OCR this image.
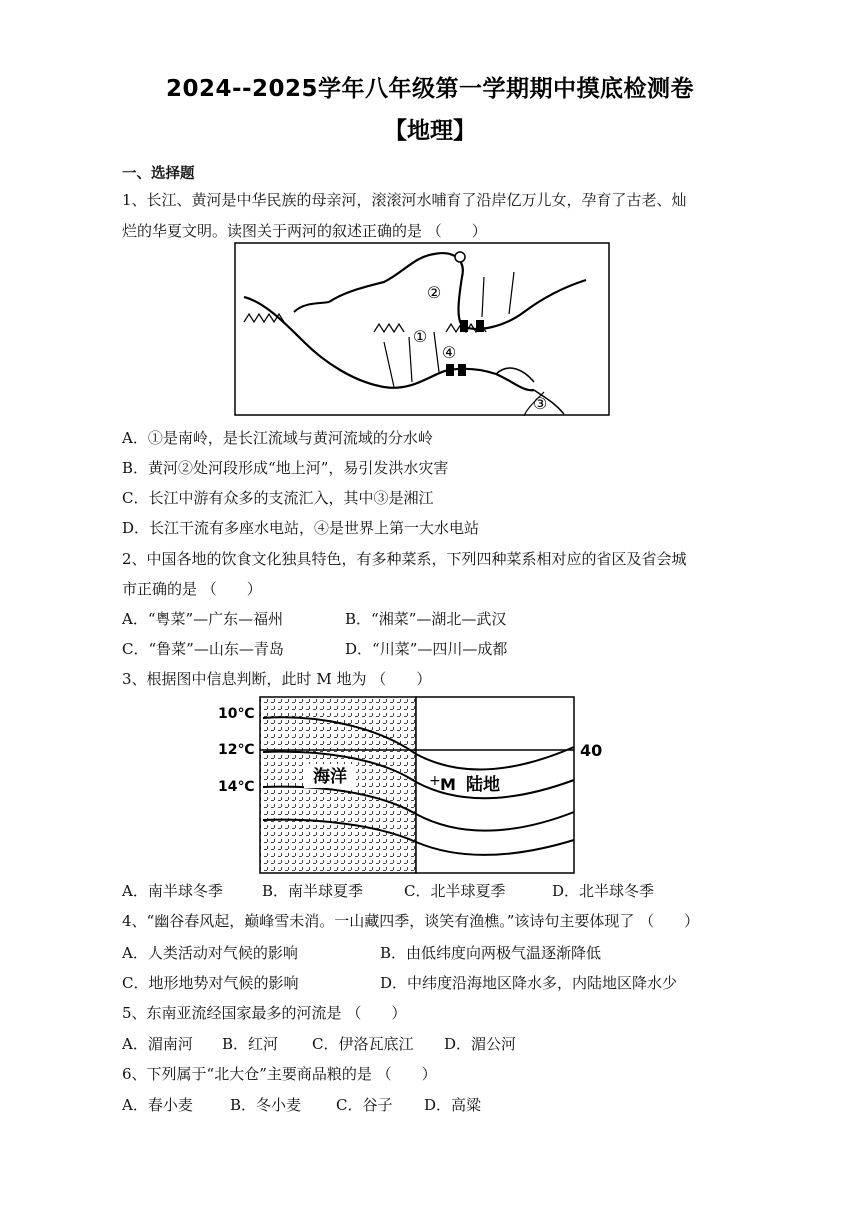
2024--2025学年八年级第一学期期中摸底检测卷
【地理】
一、选择题
1、长江、黄河是中华民族的母亲河，滚滚河水哺育了沿岸亿万儿女，孕育了古老、灿
烂的华夏文明。读图关于两河的叙述正确的是 （　　）
②
①
④
③
A．①是南岭，是长江流域与黄河流域的分水岭
B．黄河②处河段形成“地上河”，易引发洪水灾害
C．长江中游有众多的支流汇入，其中③是湘江
D．长江干流有多座水电站，④是世界上第一大水电站
2、中国各地的饮食文化独具特色，有多种菜系，下列四种菜系相对应的省区及省会城
市正确的是 （　　）
A．“粤菜”—广东—福州	B．“湘菜”—湖北—武汉
C．“鲁菜”—山东—青岛	D．“川菜”—四川—成都
3、根据图中信息判断，此时 M 地为 （　　）
10℃
12℃
14℃	海洋	+ M 陆地
40
A．南半球冬季	B．南半球夏季	C．北半球夏季	D．北半球冬季
4、“幽谷春风起，巅峰雪未消。一山藏四季，谈笑有渔樵。”该诗句主要体现了 （　　）
A．人类活动对气候的影响	B．由低纬度向两极气温逐渐降低
C．地形地势对气候的影响	D．中纬度沿海地区降水多，内陆地区降水少
5、东南亚流经国家最多的河流是 （　　）
A．湄南河 B．红河 C．伊洛瓦底江 D．湄公河
6、下列属于“北大仓”主要商品粮的是 （　　）
A．春小麦 B．冬小麦 C．谷子 D．高粱
